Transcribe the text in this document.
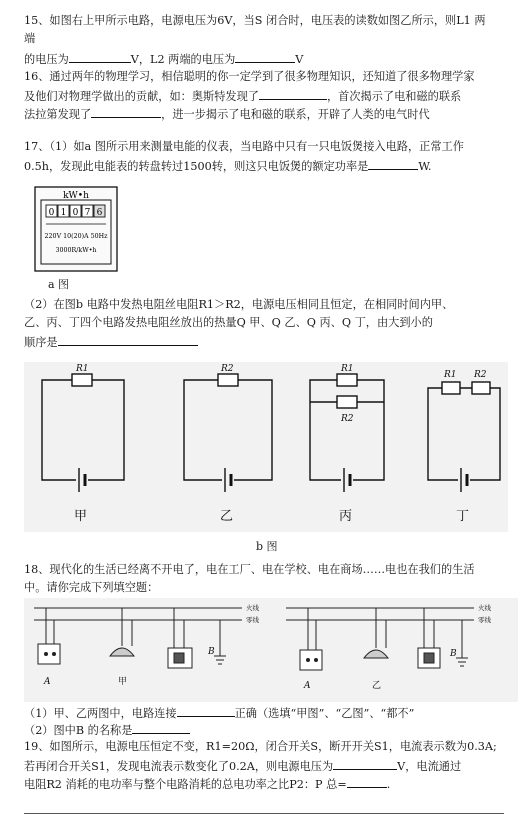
15、如图右上甲所示电路，电源电压为6V，当S 闭合时，电压表的读数如图乙所示，则L1 两
端
的电压为	V，L2 两端的电压为	V
16、通过两年的物理学习，相信聪明的你一定学到了很多物理知识，还知道了很多物理学家
及他们对物理学做出的贡献，如：奥斯特发现了	，首次揭示了电和磁的联系
法拉第发现了	，进一步揭示了电和磁的联系，开辟了人类的电气时代
17、（1）如a 图所示用来测量电能的仪表，当电路中只有一只电饭煲接入电路，正常工作
0.5h，发现此电能表的转盘转过1500转，则这只电饭煲的额定功率是	W.
kW•h
0 1 0 7 6
220V 10(20)A 50Hz
3000R/kW•h
a 图
（2）在图b 电路中发热电阻丝电阻R1＞R2，电源电压相同且恒定，在相同时间内甲、
乙、丙、丁四个电路发热电阻丝放出的热量Q 甲、Q 乙、Q 丙、Q 丁，由大到小的
顺序是
R1	R2	R1
R2
R1 R2
甲	乙	丙	丁
b 图
18、现代化的生活已经离不开电了，电在工厂、电在学校、电在商场……电也在我们的生活
中。请你完成下列填空题：
火线
零线
火线
零线
A
B
A
B
甲	乙
（1）甲、乙两图中，电路连接	正确（选填“甲图”、“乙图”、“都不”
（2）图中B 的名称是
19、如图所示，电源电压恒定不变，R1=20Ω，闭合开关S，断开开关S1，电流表示数为0.3A;
若再闭合开关S1，发现电流表示数变化了0.2A，则电源电压为	V，电流通过
电阻R2 消耗的电功率与整个电路消耗的总电功率之比P2：P 总=	.
